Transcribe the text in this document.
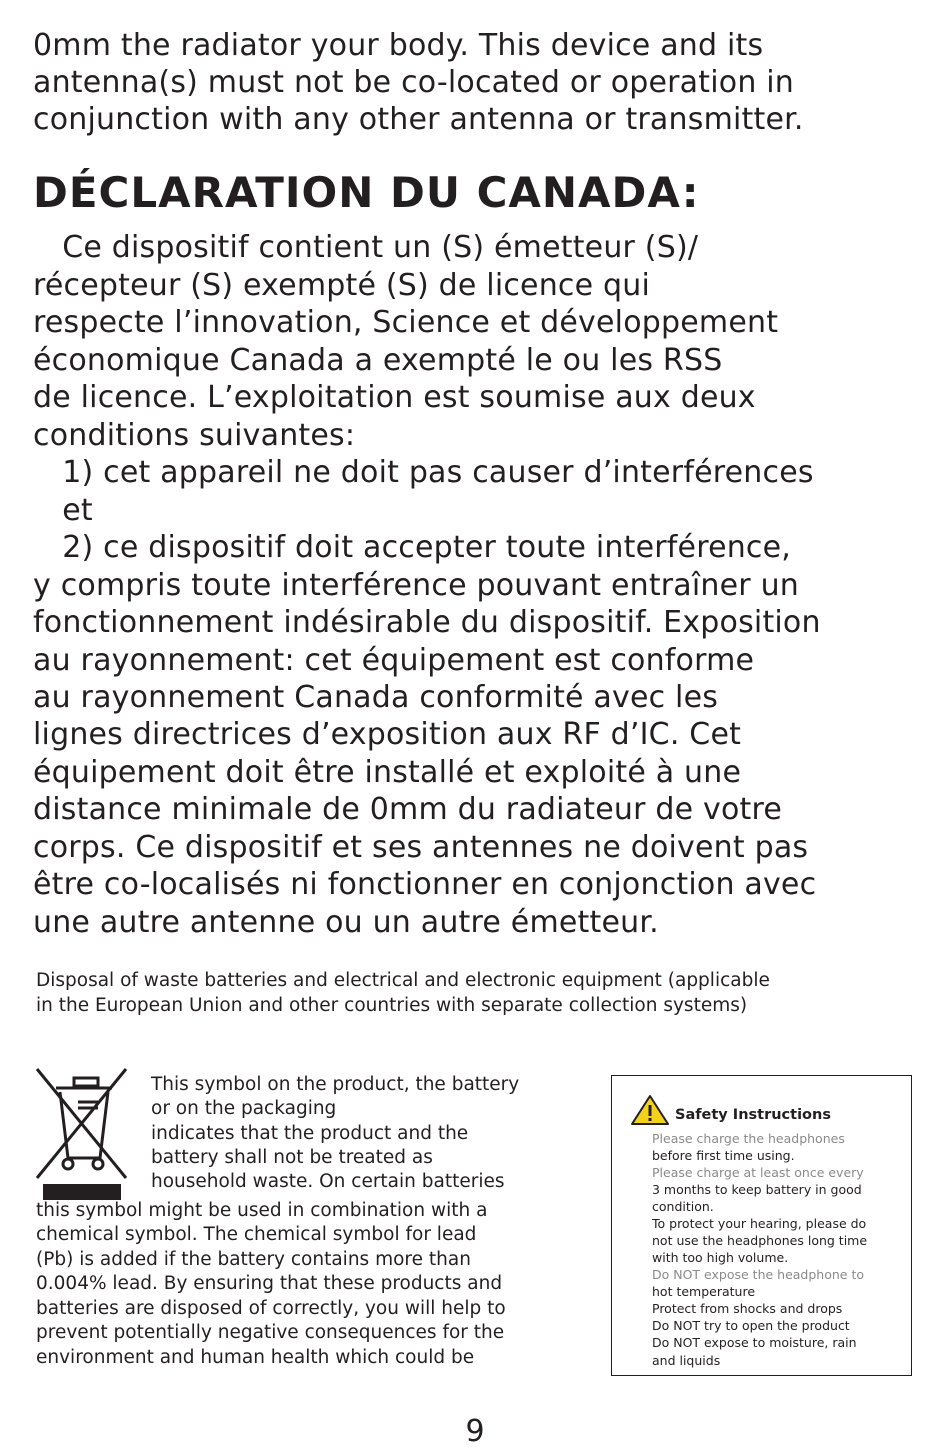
0mm the radiator your body. This device and its
antenna(s) must not be co-located or operation in
conjunction with any other antenna or transmitter.
DÉCLARATION DU CANADA:
Ce dispositif contient un (S) émetteur (S)/
récepteur (S) exempté (S) de licence qui
respecte l’innovation, Science et développement
économique Canada a exempté le ou les RSS
de licence. L’exploitation est soumise aux deux
conditions suivantes:
1) cet appareil ne doit pas causer d’interférences
et
2) ce dispositif doit accepter toute interférence,
y compris toute interférence pouvant entraîner un
fonctionnement indésirable du dispositif. Exposition
au rayonnement: cet équipement est conforme
au rayonnement Canada conformité avec les
lignes directrices d’exposition aux RF d’IC. Cet
équipement doit être installé et exploité à une
distance minimale de 0mm du radiateur de votre
corps. Ce dispositif et ses antennes ne doivent pas
être co-localisés ni fonctionner en conjonction avec
une autre antenne ou un autre émetteur.
Disposal of waste batteries and electrical and electronic equipment (applicable
in the European Union and other countries with separate collection systems)
This symbol on the product, the battery
or on the packaging
indicates that the product and the
battery shall not be treated as
household waste. On certain batteries
this symbol might be used in combination with a
chemical symbol. The chemical symbol for lead
(Pb) is added if the battery contains more than
0.004% lead. By ensuring that these products and
batteries are disposed of correctly, you will help to
prevent potentially negative consequences for the
environment and human health which could be
Safety Instructions
Please charge the headphones
before first time using.
Please charge at least once every
3 months to keep battery in good
condition.
To protect your hearing, please do
not use the headphones long time
with too high volume.
Do NOT expose the headphone to
hot temperature
Protect from shocks and drops
Do NOT try to open the product
Do NOT expose to moisture, rain
and liquids
9
